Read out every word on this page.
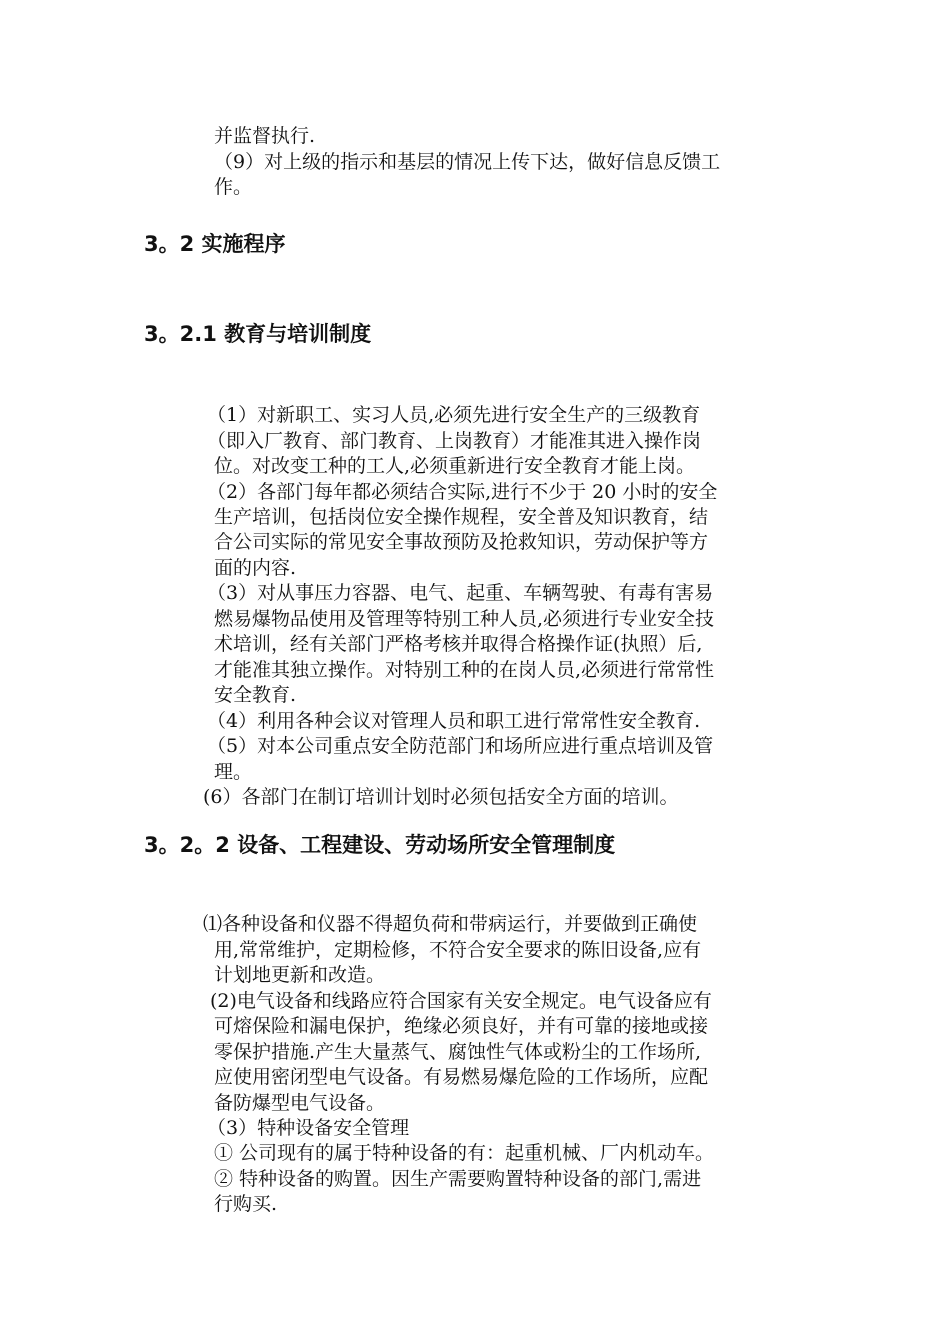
并监督执行.
（9）对上级的指示和基层的情况上传下达，做好信息反馈工
作。
3。2 实施程序
3。2.1 教育与培训制度
（1）对新职工、实习人员,必须先进行安全生产的三级教育
（即入厂教育、部门教育、上岗教育）才能准其进入操作岗
位。对改变工种的工人,必须重新进行安全教育才能上岗。
（2）各部门每年都必须结合实际,进行不少于 20 小时的安全
生产培训，包括岗位安全操作规程，安全普及知识教育，结
合公司实际的常见安全事故预防及抢救知识，劳动保护等方
面的内容.
（3）对从事压力容器、电气、起重、车辆驾驶、有毒有害易
燃易爆物品使用及管理等特别工种人员,必须进行专业安全技
术培训，经有关部门严格考核并取得合格操作证(执照）后,
才能准其独立操作。对特别工种的在岗人员,必须进行常常性
安全教育.
（4）利用各种会议对管理人员和职工进行常常性安全教育.
（5）对本公司重点安全防范部门和场所应进行重点培训及管
理。
(6）各部门在制订培训计划时必须包括安全方面的培训。
3。2。2 设备、工程建设、劳动场所安全管理制度
⑴各种设备和仪器不得超负荷和带病运行，并要做到正确使
用,常常维护，定期检修，不符合安全要求的陈旧设备,应有
计划地更新和改造。
(2)电气设备和线路应符合国家有关安全规定。电气设备应有
可熔保险和漏电保护，绝缘必须良好，并有可靠的接地或接
零保护措施.产生大量蒸气、腐蚀性气体或粉尘的工作场所,
应使用密闭型电气设备。有易燃易爆危险的工作场所，应配
备防爆型电气设备。
（3）特种设备安全管理
① 公司现有的属于特种设备的有：起重机械、厂内机动车。
② 特种设备的购置。因生产需要购置特种设备的部门,需进
行购买.
